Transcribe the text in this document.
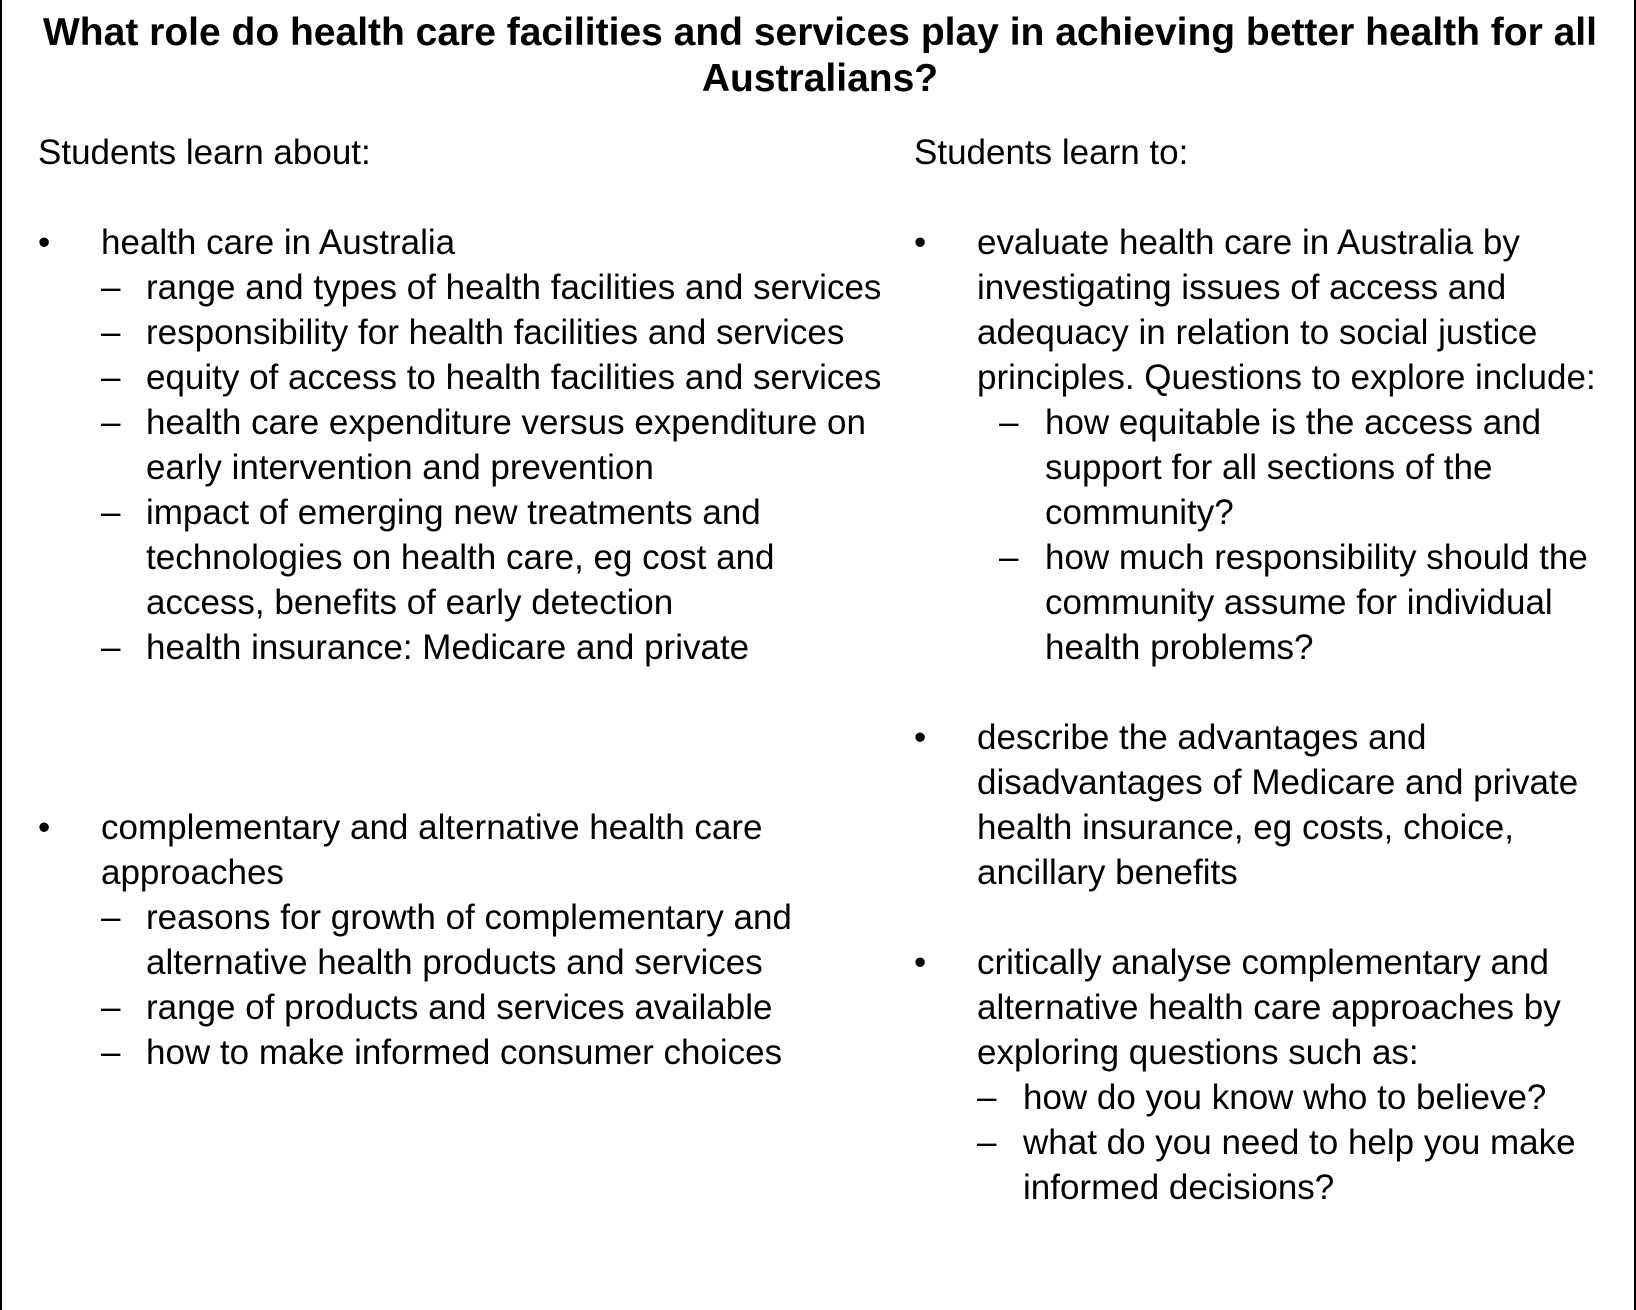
What role do health care facilities and services play in achieving better health for all Australians?
Students learn about:
• health care in Australia
– range and types of health facilities and services
– responsibility for health facilities and services
– equity of access to health facilities and services
– health care expenditure versus expenditure on early intervention and prevention
– impact of emerging new treatments and technologies on health care, eg cost and access, benefits of early detection
– health insurance: Medicare and private
• complementary and alternative health care approaches
– reasons for growth of complementary and alternative health products and services
– range of products and services available
– how to make informed consumer choices
Students learn to:
• evaluate health care in Australia by investigating issues of access and adequacy in relation to social justice principles. Questions to explore include:
– how equitable is the access and support for all sections of the community?
– how much responsibility should the community assume for individual health problems?
• describe the advantages and disadvantages of Medicare and private health insurance, eg costs, choice, ancillary benefits
• critically analyse complementary and alternative health care approaches by exploring questions such as:
– how do you know who to believe?
– what do you need to help you make informed decisions?
